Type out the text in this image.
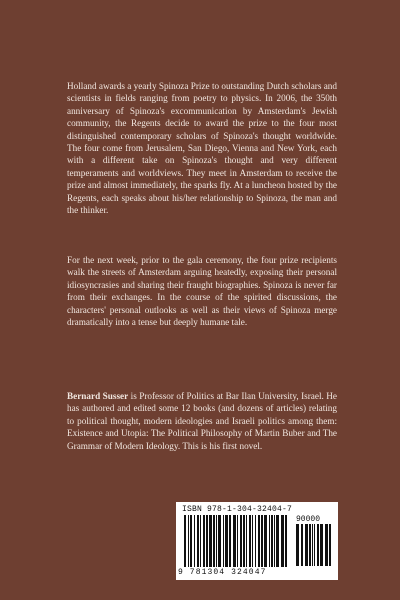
Holland awards a yearly Spinoza Prize to outstanding Dutch scholars and scientists in fields ranging from poetry to physics. In 2006, the 350th anniversary of Spinoza's excommunication by Amsterdam's Jewish community, the Regents decide to award the prize to the four most distinguished contemporary scholars of Spinoza's thought worldwide. The four come from Jerusalem, San Diego, Vienna and New York, each with a different take on Spinoza's thought and very different temperaments and worldviews. They meet in Amsterdam to receive the prize and almost immediately, the sparks fly. At a luncheon hosted by the Regents, each speaks about his/her relationship to Spinoza, the man and the thinker.

For the next week, prior to the gala ceremony, the four prize recipients walk the streets of Amsterdam arguing heatedly, exposing their personal idiosyncrasies and sharing their fraught biographies. Spinoza is never far from their exchanges. In the course of the spirited discussions, the characters' personal outlooks as well as their views of Spinoza merge dramatically into a tense but deeply humane tale.

Bernard Susser is Professor of Politics at Bar Ilan University, Israel. He has authored and edited some 12 books (and dozens of articles) relating to political thought, modern ideologies and Israeli politics among them: Existence and Utopia: The Political Philosophy of Martin Buber and The Grammar of Modern Ideology. This is his first novel.

ISBN 978-1-304-32404-7
90000
9 781304 324047
